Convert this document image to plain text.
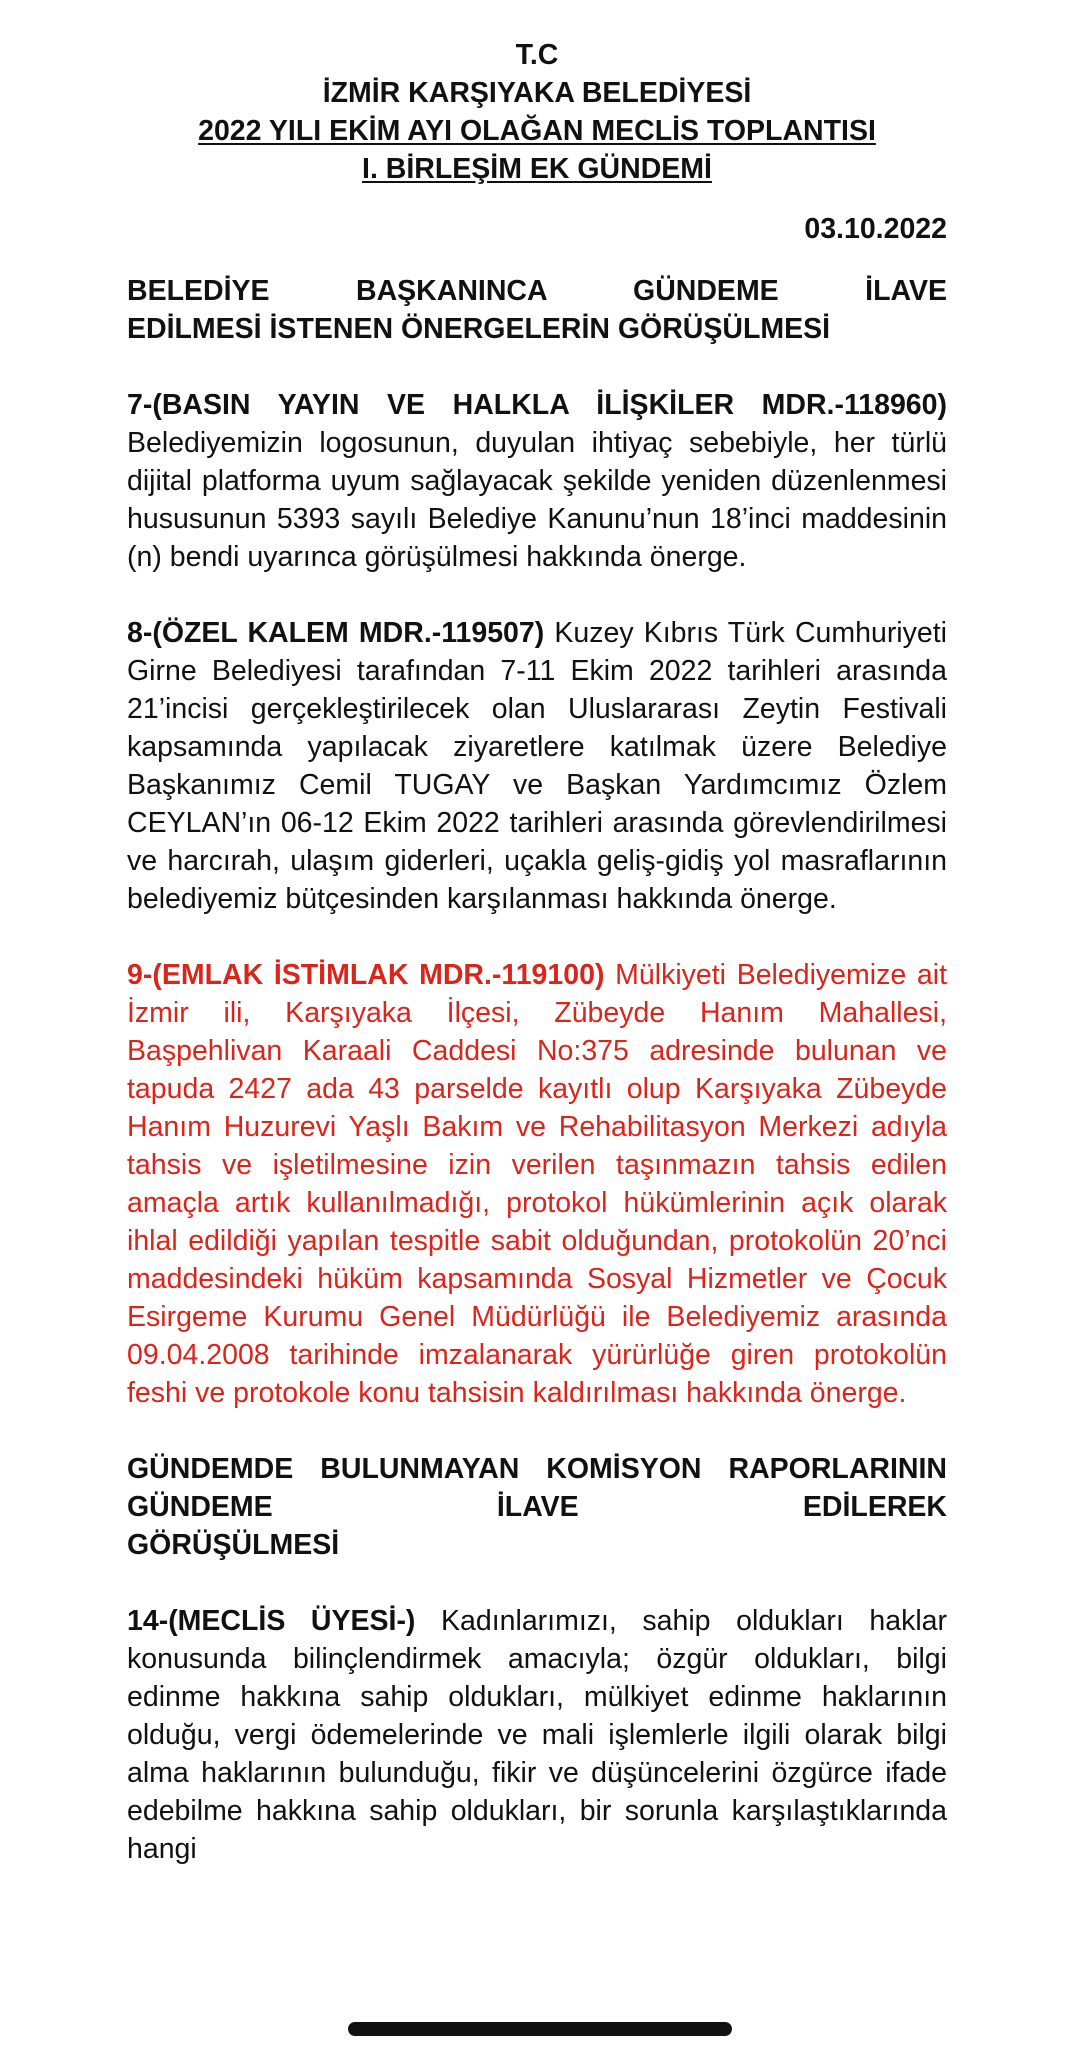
T.C
İZMİR KARŞIYAKA BELEDİYESİ
2022 YILI EKİM AYI OLAĞAN MECLİS TOPLANTISI
I. BİRLEŞİM EK GÜNDEMİ
03.10.2022
BELEDİYE BAŞKANINCA GÜNDEME İLAVE
EDİLMESİ İSTENEN ÖNERGELERİN GÖRÜŞÜLMESİ
7-(BASIN YAYIN VE HALKLA İLİŞKİLER MDR.-118960) Belediyemizin logosunun, duyulan ihtiyaç sebebiyle, her türlü dijital platforma uyum sağlayacak şekilde yeniden düzenlenmesi hususunun 5393 sayılı Belediye Kanunu’nun 18’inci maddesinin (n) bendi uyarınca görüşülmesi hakkında önerge.
8-(ÖZEL KALEM MDR.-119507) Kuzey Kıbrıs Türk Cumhuriyeti Girne Belediyesi tarafından 7-11 Ekim 2022 tarihleri arasında 21’incisi gerçekleştirilecek olan Uluslararası Zeytin Festivali kapsamında yapılacak ziyaretlere katılmak üzere Belediye Başkanımız Cemil TUGAY ve Başkan Yardımcımız Özlem CEYLAN’ın 06-12 Ekim 2022 tarihleri arasında görevlendirilmesi ve harcırah, ulaşım giderleri, uçakla geliş-gidiş yol masraflarının belediyemiz bütçesinden karşılanması hakkında önerge.
9-(EMLAK İSTİMLAK MDR.-119100) Mülkiyeti Belediyemize ait İzmir ili, Karşıyaka İlçesi, Zübeyde Hanım Mahallesi, Başpehlivan Karaali Caddesi No:375 adresinde bulunan ve tapuda 2427 ada 43 parselde kayıtlı olup Karşıyaka Zübeyde Hanım Huzurevi Yaşlı Bakım ve Rehabilitasyon Merkezi adıyla tahsis ve işletilmesine izin verilen taşınmazın tahsis edilen amaçla artık kullanılmadığı, protokol hükümlerinin açık olarak ihlal edildiği yapılan tespitle sabit olduğundan, protokolün 20’nci maddesindeki hüküm kapsamında Sosyal Hizmetler ve Çocuk Esirgeme Kurumu Genel Müdürlüğü ile Belediyemiz arasında 09.04.2008 tarihinde imzalanarak yürürlüğe giren protokolün feshi ve protokole konu tahsisin kaldırılması hakkında önerge.
GÜNDEMDE BULUNMAYAN KOMİSYON RAPORLARININ GÜNDEME İLAVE EDİLEREK
GÖRÜŞÜLMESİ
14-(MECLİS ÜYESİ-) Kadınlarımızı, sahip oldukları haklar konusunda bilinçlendirmek amacıyla; özgür oldukları, bilgi edinme hakkına sahip oldukları, mülkiyet edinme haklarının olduğu, vergi ödemelerinde ve mali işlemlerle ilgili olarak bilgi alma haklarının bulunduğu, fikir ve düşüncelerini özgürce ifade edebilme hakkına sahip oldukları, bir sorunla karşılaştıklarında hangi
